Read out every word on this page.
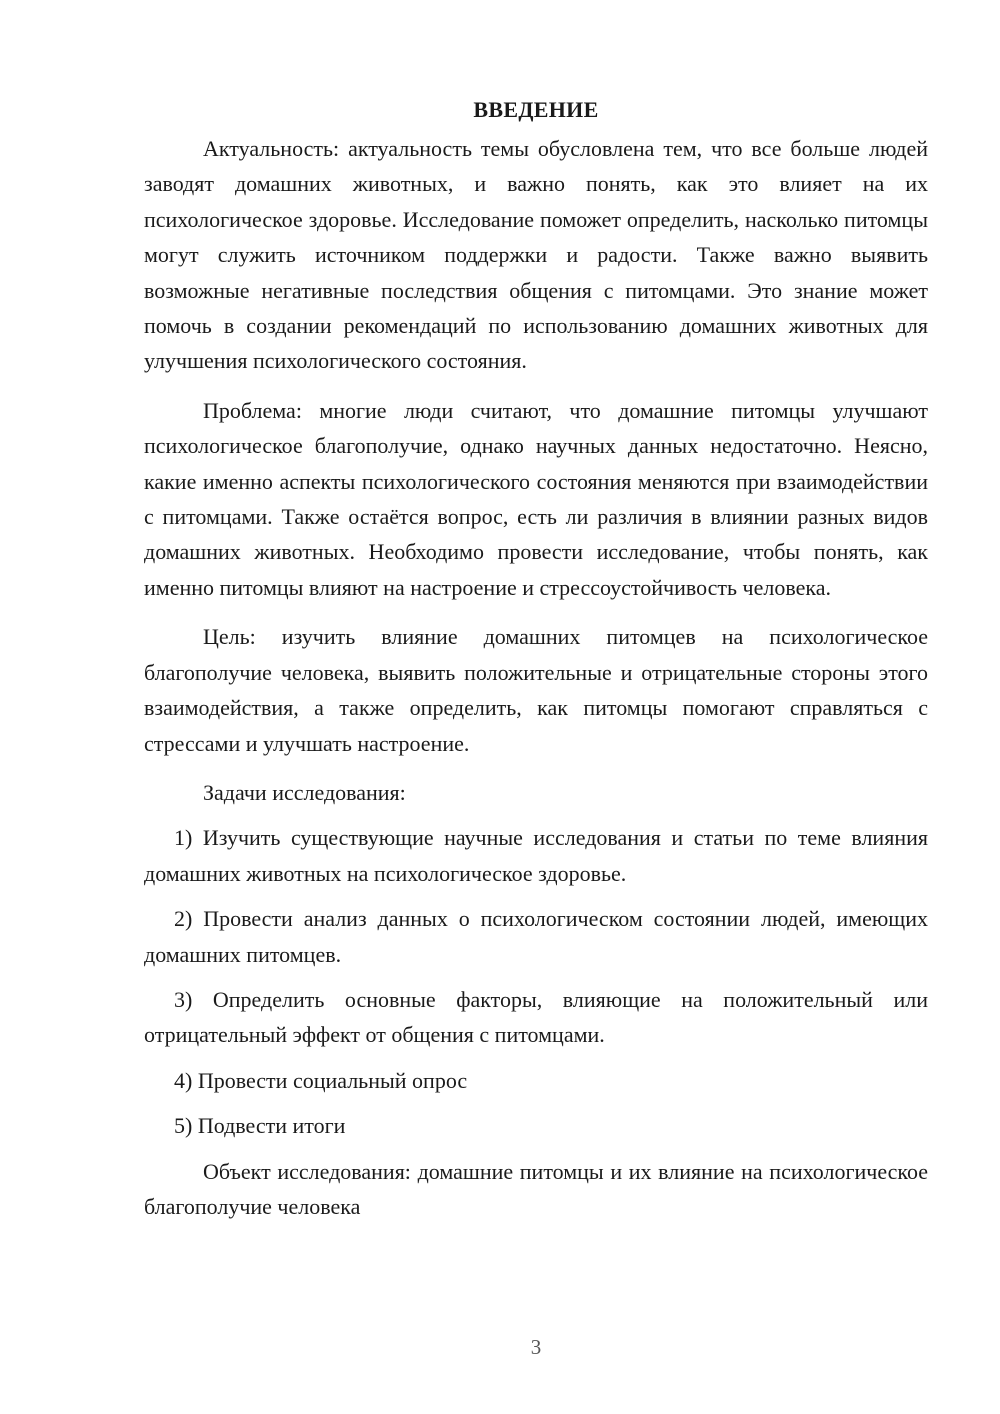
ВВЕДЕНИЕ

Актуальность: актуальность темы обусловлена тем, что все больше людей заводят домашних животных, и важно понять, как это влияет на их психологическое здоровье. Исследование поможет определить, насколько питомцы могут служить источником поддержки и радости. Также важно выявить возможные негативные последствия общения с питомцами. Это знание может помочь в создании рекомендаций по использованию домашних животных для улучшения психологического состояния.

Проблема: многие люди считают, что домашние питомцы улучшают психологическое благополучие, однако научных данных недостаточно. Неясно, какие именно аспекты психологического состояния меняются при взаимодействии с питомцами. Также остаётся вопрос, есть ли различия в влиянии разных видов домашних животных. Необходимо провести исследование, чтобы понять, как именно питомцы влияют на настроение и стрессоустойчивость человека.

Цель: изучить влияние домашних питомцев на психологическое благополучие человека, выявить положительные и отрицательные стороны этого взаимодействия, а также определить, как питомцы помогают справляться с стрессами и улучшать настроение.

Задачи исследования:

1) Изучить существующие научные исследования и статьи по теме влияния домашних животных на психологическое здоровье.

2) Провести анализ данных о психологическом состоянии людей, имеющих домашних питомцев.

3) Определить основные факторы, влияющие на положительный или отрицательный эффект от общения с питомцами.

4) Провести социальный опрос

5) Подвести итоги

Объект исследования: домашние питомцы и их влияние на психологическое благополучие человека

3
